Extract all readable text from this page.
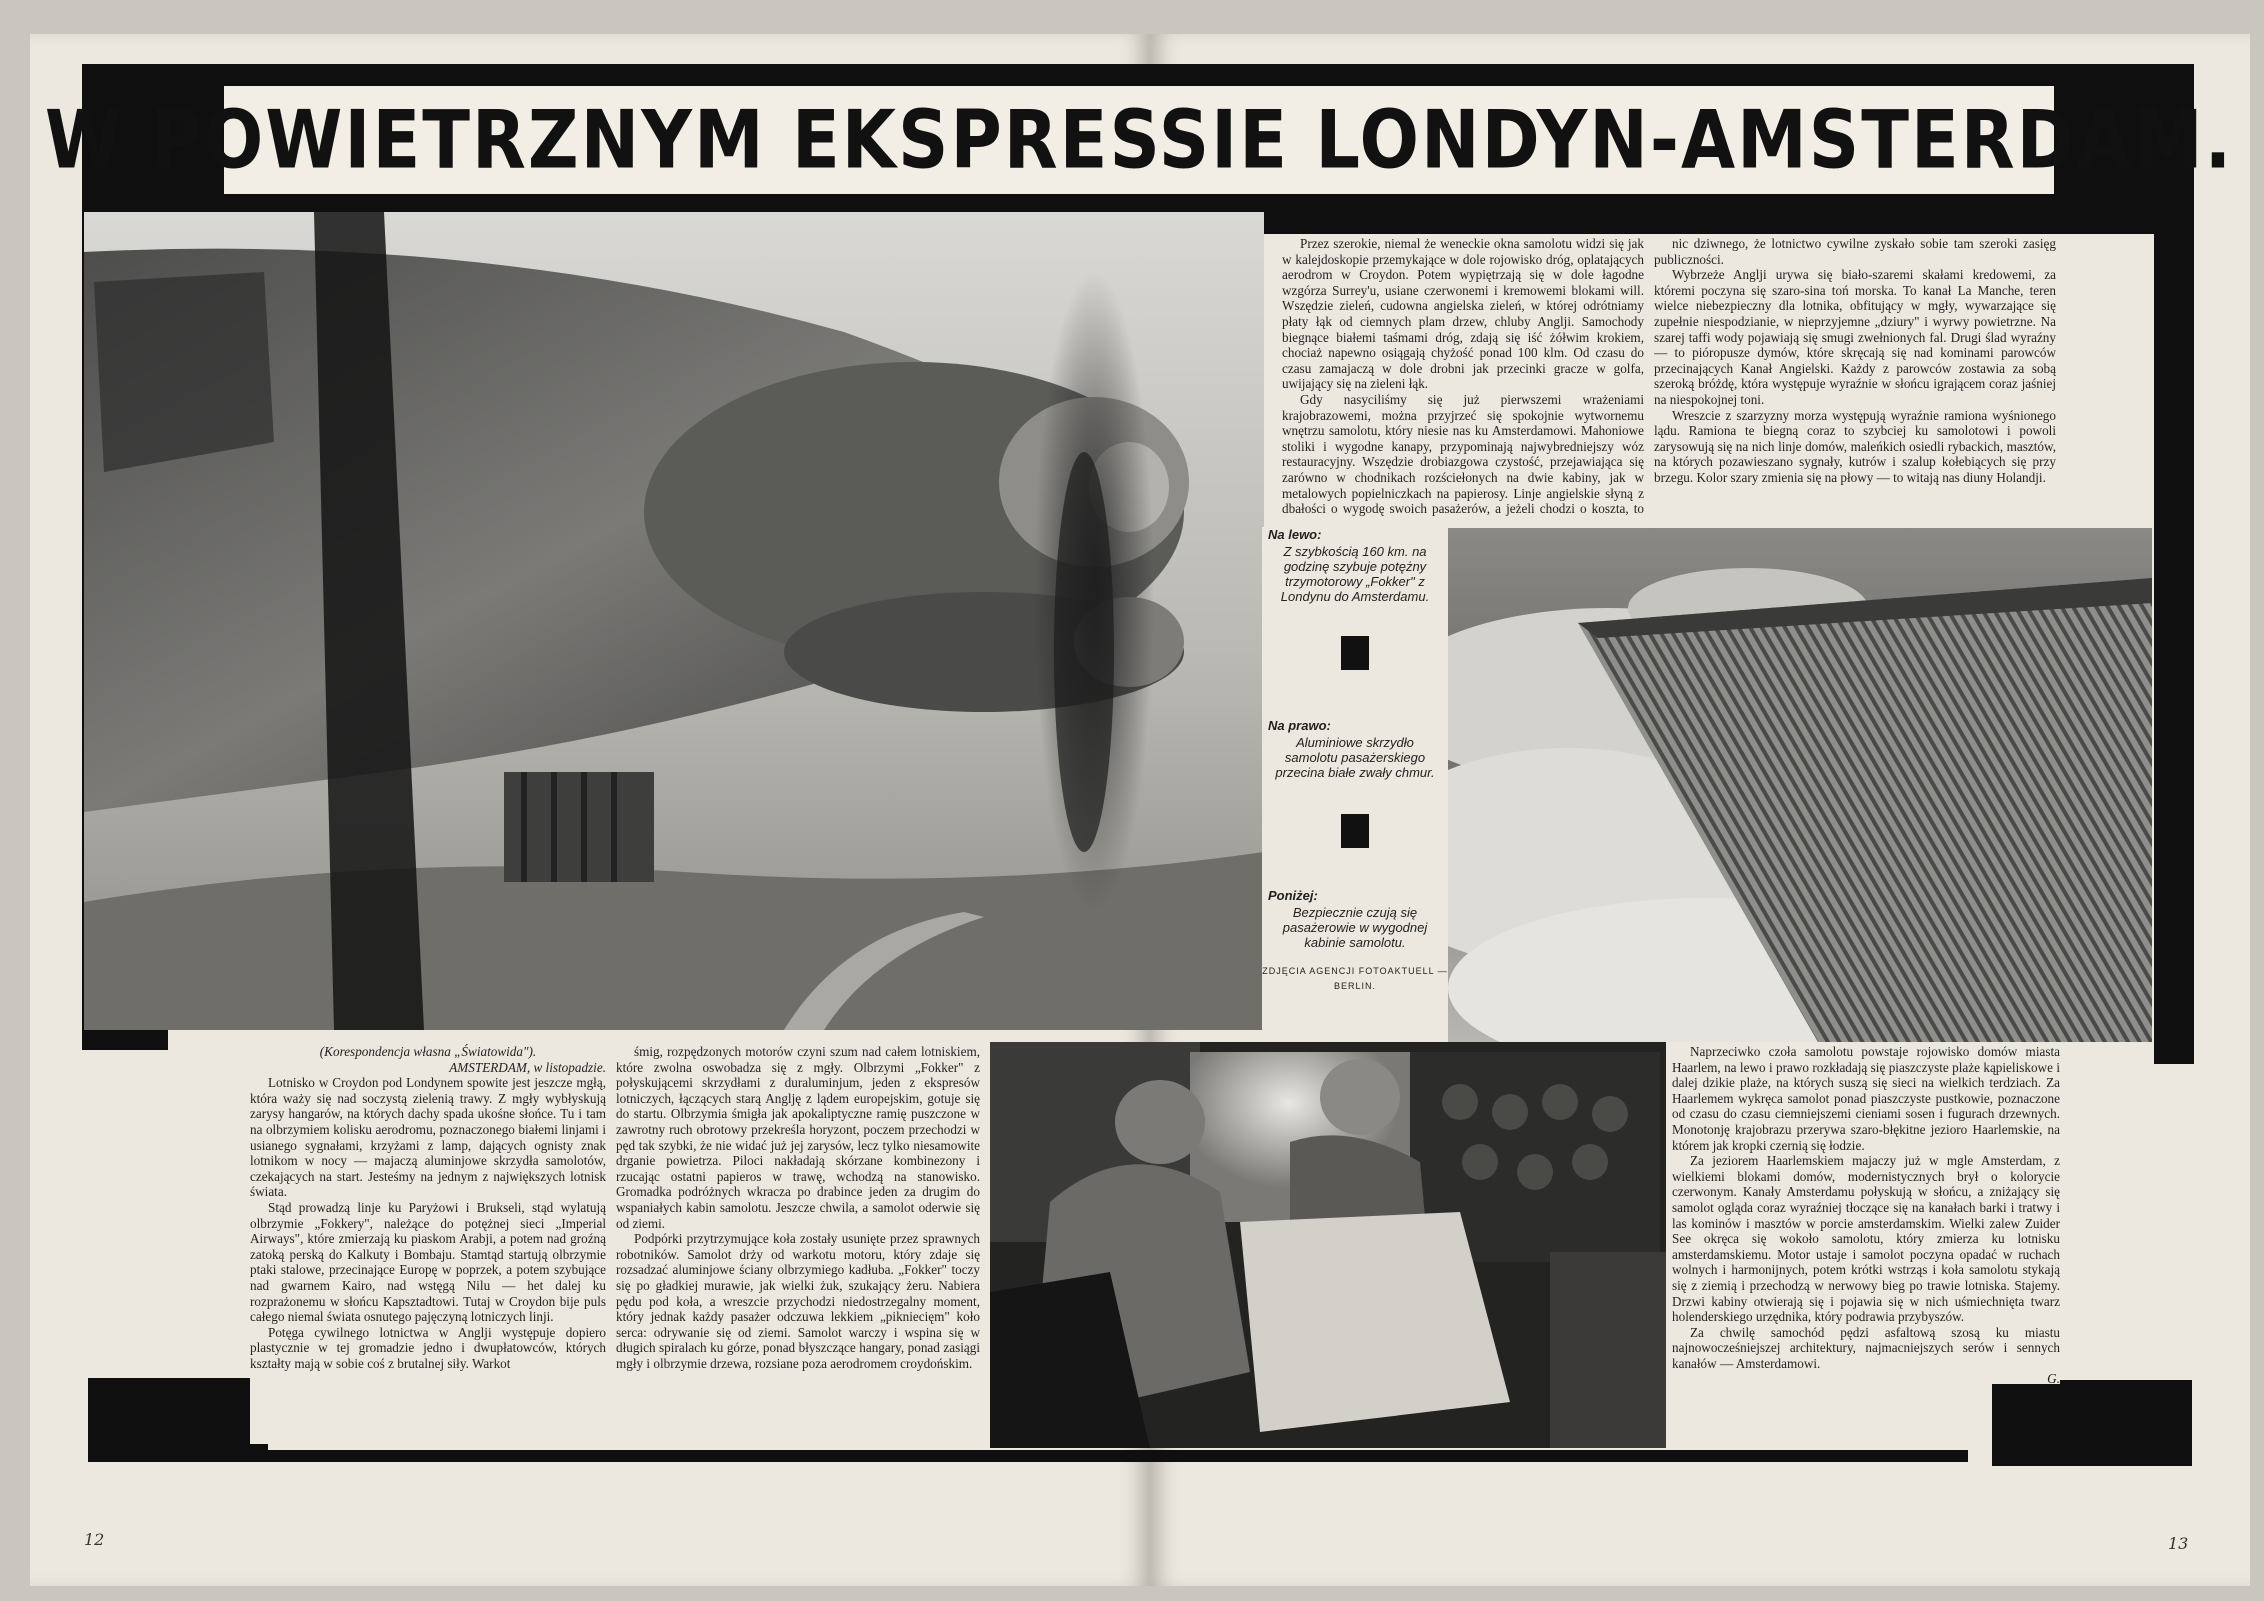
W POWIETRZNYM EKSPRESSIE LONDYN-AMSTERDAM.

Przez szerokie, niemal że weneckie okna samolotu widzi się jak w kalejdoskopie przemykające w dole rojowisko dróg, oplatających aerodrom w Croydon. Potem wypiętrzają się w dole łagodne wzgórza Surrey'u, usiane czerwonemi i kremowemi blokami will. Wszędzie zieleń, cudowna angielska zieleń, w której odrótniamy płaty łąk od ciemnych plam drzew, chluby Anglji. Samochody biegnące białemi taśmami dróg, zdają się iść żółwim krokiem, chociaż napewno osiągają chyżość ponad 100 klm. Od czasu do czasu zamajaczą w dole drobni jak przecinki gracze w golfa, uwijający się na zieleni łąk.

Gdy nasyciliśmy się już pierwszemi wrażeniami krajobrazowemi, można przyjrzeć się spokojnie wytwornemu wnętrzu samolotu, który niesie nas ku Amsterdamowi. Mahoniowe stoliki i wygodne kanapy, przypominają najwybredniejszy wóz restauracyjny. Wszędzie drobiazgowa czystość, przejawiająca się zarówno w chodnikach rozściełonych na dwie kabiny, jak w metalowych popielniczkach na papierosy. Linje angielskie słyną z dbałości o wygodę swoich pasażerów, a jeżeli chodzi o koszta, to

nic dziwnego, że lotnictwo cywilne zyskało sobie tam szeroki zasięg publiczności.

Wybrzeże Anglji urywa się biało-szaremi skałami kredowemi, za któremi poczyna się szaro-sina toń morska. To kanał La Manche, teren wielce niebezpieczny dla lotnika, obfitujący w mgły, wywarzające się zupełnie niespodzianie, w nieprzyjemne „dziury" i wyrwy powietrzne. Na szarej taffi wody pojawiają się smugi zwełnionych fal. Drugi ślad wyraźny — to pióropusze dymów, które skręcają się nad kominami parowców przecinających Kanał Angielski. Każdy z parowców zostawia za sobą szeroką bróżdę, która występuje wyraźnie w słońcu igrającem coraz jaśniej na niespokojnej toni.

Wreszcie z szarzyzny morza występują wyraźnie ramiona wyśnionego lądu. Ramiona te biegną coraz to szybciej ku samolotowi i powoli zarysowują się na nich linje domów, maleńkich osiedli rybackich, masztów, na których pozawieszano sygnały, kutrów i szalup kołebiących się przy brzegu. Kolor szary zmienia się na płowy — to witają nas diuny Holandji.

Na lewo:
Z szybkością 160 km. na godzinę szybuje potężny trzymotorowy „Fokker" z Londynu do Amsterdamu.
Na prawo:
Aluminiowe skrzydło samolotu pasażerskiego przecina białe zwały chmur.
Poniżej:
Bezpiecznie czują się pasażerowie w wygodnej kabinie samolotu.
ZDJĘCIA AGENCJI FOTOAKTUELL — BERLIN.

(Korespondencja własna „Światowida").

AMSTERDAM, w listopadzie.

Lotnisko w Croydon pod Londynem spowite jest jeszcze mgłą, która waży się nad soczystą zielenią trawy. Z mgły wybłyskują zarysy hangarów, na których dachy spada ukośne słońce. Tu i tam na olbrzymiem kolisku aerodromu, poznaczonego białemi linjami i usianego sygnałami, krzyżami z lamp, dających ognisty znak lotnikom w nocy — majaczą aluminjowe skrzydła samolotów, czekających na start. Jesteśmy na jednym z największych lotnisk świata.

Stąd prowadzą linje ku Paryżowi i Brukseli, stąd wylatują olbrzymie „Fokkery", należące do potężnej sieci „Imperial Airways", które zmierzają ku piaskom Arabji, a potem nad groźną zatoką perską do Kalkuty i Bombaju. Stamtąd startują olbrzymie ptaki stalowe, przecinające Europę w poprzek, a potem szybujące nad gwarnem Kairo, nad wstęgą Nilu — het dalej ku rozprażonemu w słońcu Kapsztadtowi. Tutaj w Croydon bije puls całego niemal świata osnutego pajęczyną lotniczych linji.

Potęga cywilnego lotnictwa w Anglji występuje dopiero plastycznie w tej gromadzie jedno i dwupłatowców, których kształty mają w sobie coś z brutalnej siły. Warkot

śmig, rozpędzonych motorów czyni szum nad całem lotniskiem, które zwolna oswobadza się z mgły. Olbrzymi „Fokker" z połyskującemi skrzydłami z duraluminjum, jeden z ekspresów lotniczych, łączących starą Anglję z lądem europejskim, gotuje się do startu. Olbrzymia śmigła jak apokaliptyczne ramię puszczone w zawrotny ruch obrotowy przekreśla horyzont, poczem przechodzi w pęd tak szybki, że nie widać już jej zarysów, lecz tylko niesamowite drganie powietrza. Piloci nakładają skórzane kombinezony i rzucając ostatni papieros w trawę, wchodzą na stanowisko. Gromadka podróżnych wkracza po drabince jeden za drugim do wspaniałych kabin samolotu. Jeszcze chwila, a samolot oderwie się od ziemi.

Podpórki przytrzymujące koła zostały usunięte przez sprawnych robotników. Samolot drży od warkotu motoru, który zdaje się rozsadzać aluminjowe ściany olbrzymiego kadłuba. „Fokker" toczy się po gładkiej murawie, jak wielki żuk, szukający żeru. Nabiera pędu pod koła, a wreszcie przychodzi niedostrzegalny moment, który jednak każdy pasażer odczuwa lekkiem „pikniecięm" koło serca: odrywanie się od ziemi. Samolot warczy i wspina się w długich spiralach ku górze, ponad błyszczące hangary, ponad zasiągi mgły i olbrzymie drzewa, rozsiane poza aerodromem croydońskim.

Naprzeciwko czoła samolotu powstaje rojowisko domów miasta Haarlem, na lewo i prawo rozkładają się piaszczyste plaże kąpieliskowe i dalej dzikie plaże, na których suszą się sieci na wielkich terdziach. Za Haarlemem wykręca samolot ponad piaszczyste pustkowie, poznaczone od czasu do czasu ciemniejszemi cieniami sosen i fugurach drzewnych. Monotonję krajobrazu przerywa szaro-błękitne jezioro Haarlemskie, na którem jak kropki czernią się łodzie.

Za jeziorem Haarlemskiem majaczy już w mgle Amsterdam, z wielkiemi blokami domów, modernistycznych brył o kolorycie czerwonym. Kanały Amsterdamu połyskują w słońcu, a zniżający się samolot ogląda coraz wyraźniej tłoczące się na kanałach barki i tratwy i las kominów i masztów w porcie amsterdamskim. Wielki zalew Zuider See okręca się wokoło samolotu, który zmierza ku lotnisku amsterdamskiemu. Motor ustaje i samolot poczyna opadać w ruchach wolnych i harmonijnych, potem krótki wstrząs i koła samolotu stykają się z ziemią i przechodzą w nerwowy bieg po trawie lotniska. Stajemy. Drzwi kabiny otwierają się i pojawia się w nich uśmiechnięta twarz holenderskiego urzędnika, który podrawia przybyszów.

Za chwilę samochód pędzi asfaltową szosą ku miastu najnowocześniejszej architektury, najmacniejszych serów i sennych kanałów — Amsterdamowi.

G.

12	13
